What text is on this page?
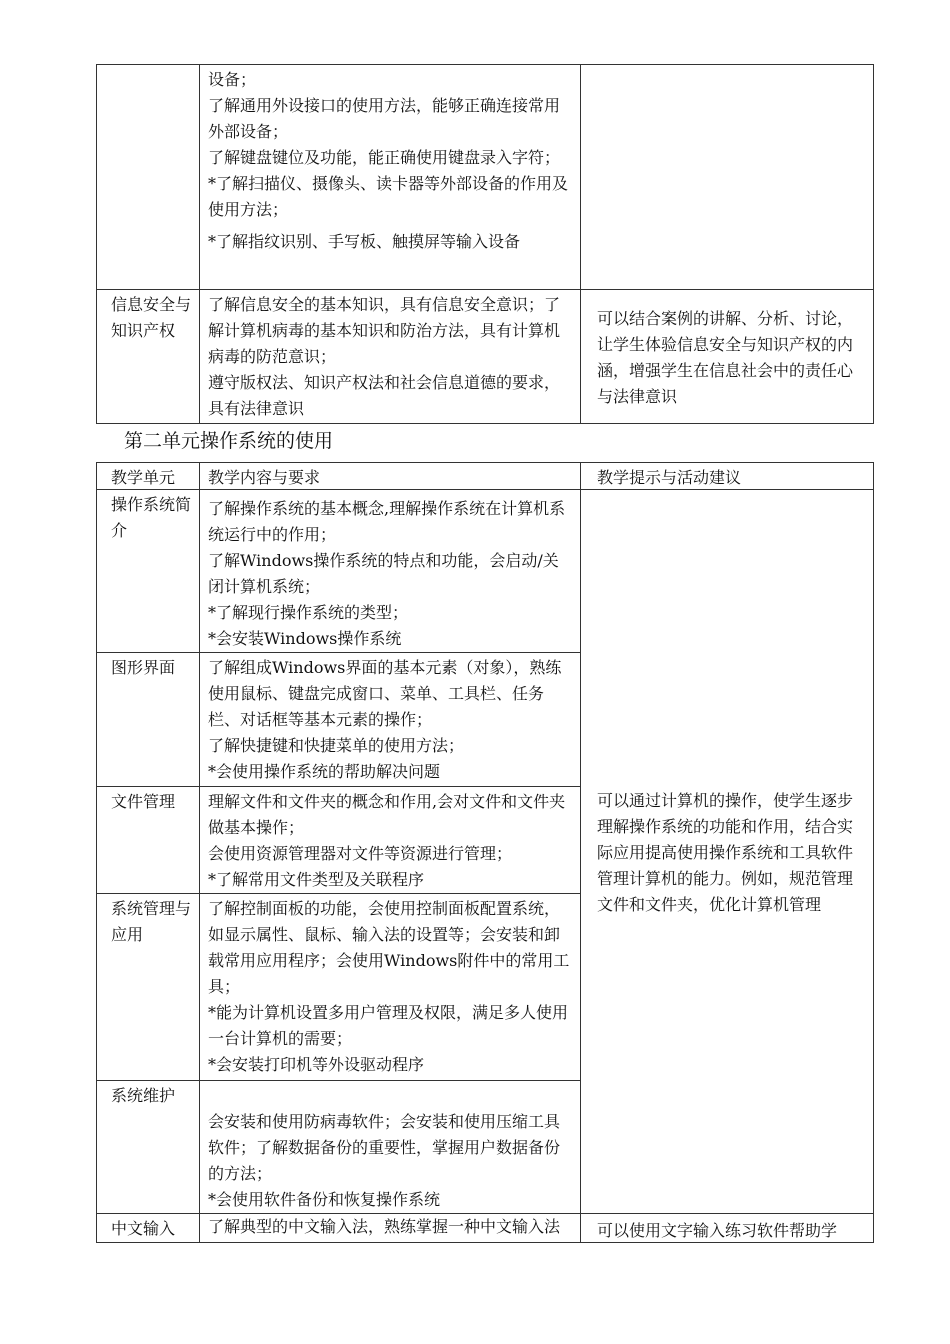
	设备；

了解通用外设接口的使用方法，能够正确连接常用外部设备；

了解键盘键位及功能，能正确使用键盘录入字符；

*了解扫描仪、摄像头、读卡器等外部设备的作用及使用方法；

*了解指纹识别、手写板、触摸屏等输入设备	

信息安全与知识产权	了解信息安全的基本知识，具有信息安全意识；了解计算机病毒的基本知识和防治方法，具有计算机病毒的防范意识；

遵守版权法、知识产权法和社会信息道德的要求，具有法律意识	可以结合案例的讲解、分析、讨论，让学生体验信息安全与知识产权的内涵，增强学生在信息社会中的责任心与法律意识

第二单元操作系统的使用
教学单元	教学内容与要求	教学提示与活动建议
操作系统简介	了解操作系统的基本概念,理解操作系统在计算机系统运行中的作用；

了解Windows操作系统的特点和功能，会启动/关闭计算机系统；

*了解现行操作系统的类型；

*会安装Windows操作系统	可以通过计算机的操作，使学生逐步理解操作系统的功能和作用，结合实际应用提高使用操作系统和工具软件管理计算机的能力。例如，规范管理文件和文件夹，优化计算机管理

图形界面	了解组成Windows界面的基本元素（对象），熟练使用鼠标、键盘完成窗口、菜单、工具栏、任务栏、对话框等基本元素的操作；

了解快捷键和快捷菜单的使用方法；

*会使用操作系统的帮助解决问题	

文件管理	理解文件和文件夹的概念和作用,会对文件和文件夹做基本操作；

会使用资源管理器对文件等资源进行管理；

*了解常用文件类型及关联程序	

系统管理与应用	了解控制面板的功能，会使用控制面板配置系统，如显示属性、鼠标、输入法的设置等；会安装和卸载常用应用程序；会使用Windows附件中的常用工具；

*能为计算机设置多用户管理及权限，满足多人使用一台计算机的需要；

*会安装打印机等外设驱动程序	

系统维护	会安装和使用防病毒软件；会安装和使用压缩工具软件；了解数据备份的重要性，掌握用户数据备份的方法；

*会使用软件备份和恢复操作系统	

中文输入	了解典型的中文输入法，熟练掌握一种中文输入法	可以使用文字输入练习软件帮助学
